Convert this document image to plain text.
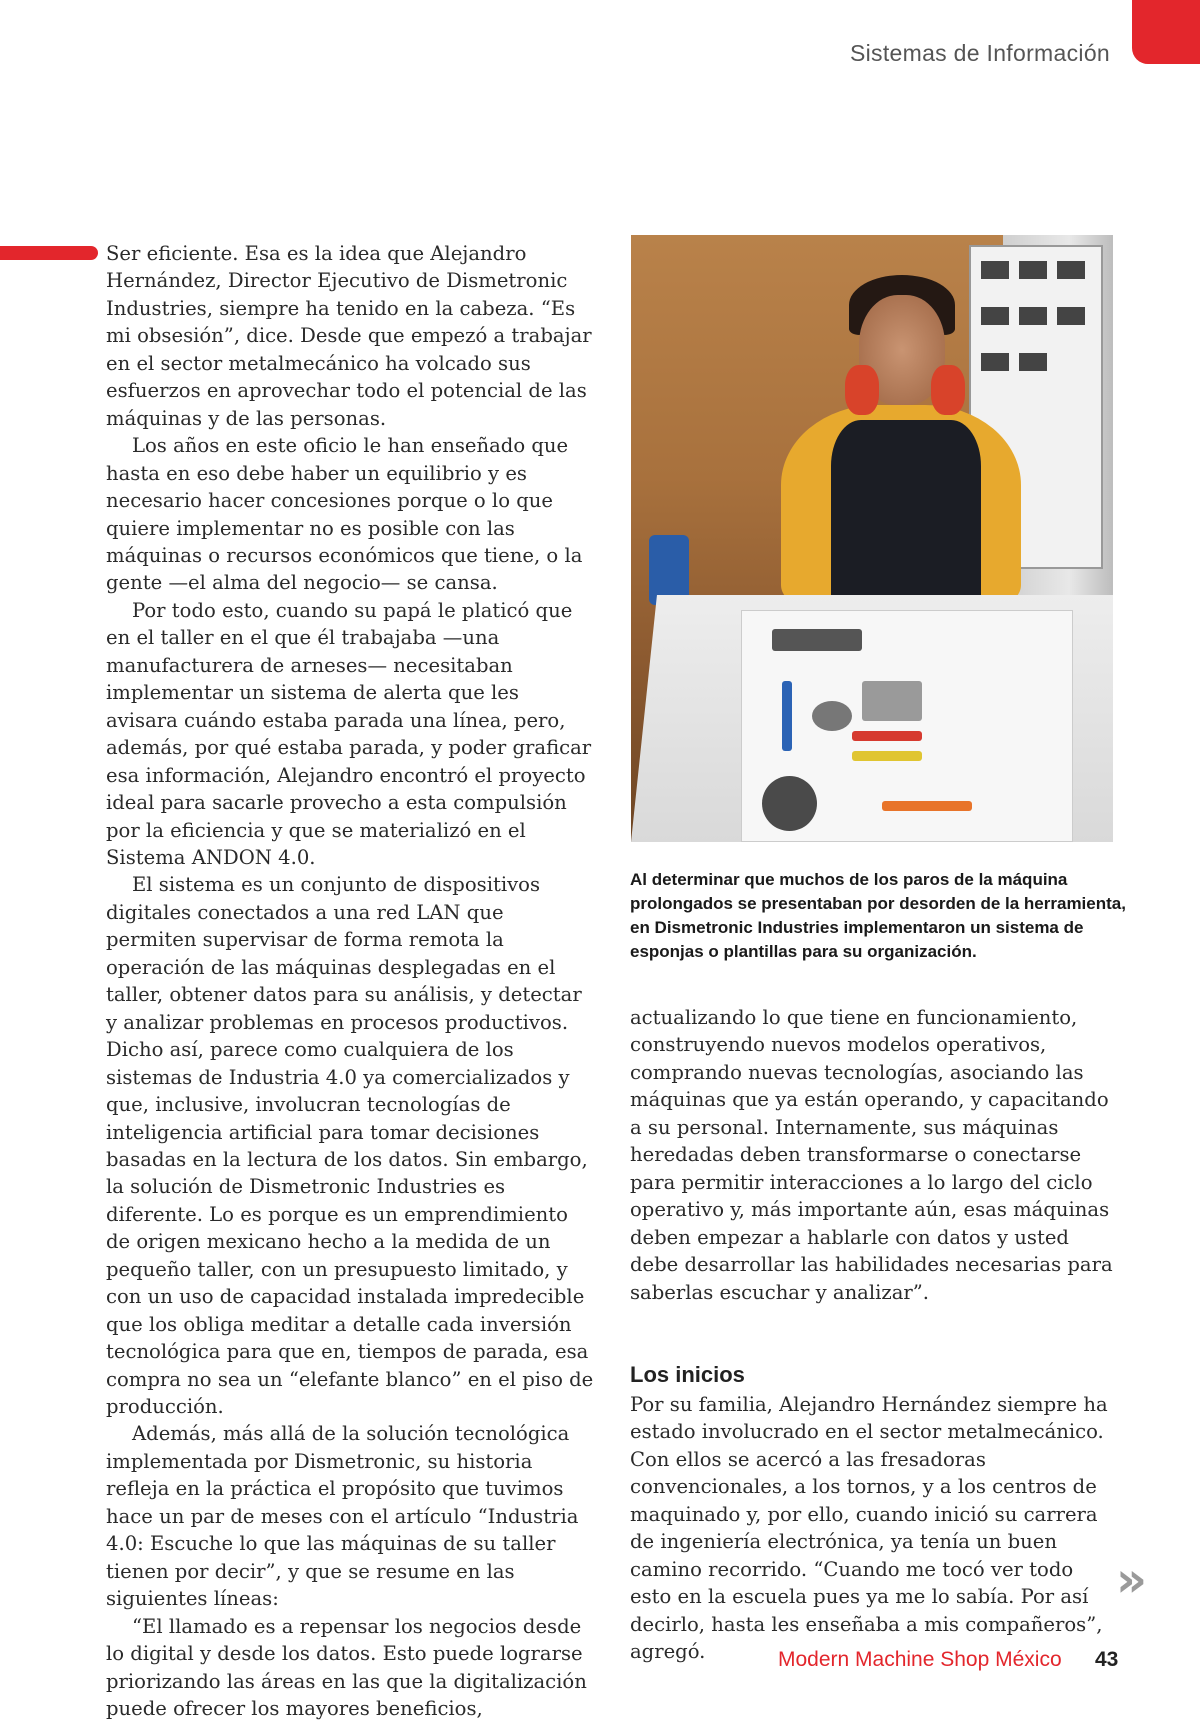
Sistemas de Información

Ser eficiente. Esa es la idea que Alejandro Hernández, Director Ejecutivo de Dismetronic Industries, siempre ha tenido en la cabeza. “Es mi obsesión”, dice. Desde que empezó a trabajar en el sector metalmecánico ha volcado sus esfuerzos en aprovechar todo el potencial de las máquinas y de las personas.

Los años en este oficio le han enseñado que hasta en eso debe haber un equilibrio y es necesario hacer concesiones porque o lo que quiere implementar no es posible con las máquinas o recursos económicos que tiene, o la gente —el alma del negocio— se cansa.

Por todo esto, cuando su papá le platicó que en el taller en el que él trabajaba —una manufacturera de arneses— necesitaban implementar un sistema de alerta que les avisara cuándo estaba parada una línea, pero, además, por qué estaba parada, y poder graficar esa información, Alejandro encontró el proyecto ideal para sacarle provecho a esta compulsión por la eficiencia y que se materializó en el Sistema ANDON 4.0.

El sistema es un conjunto de dispositivos digitales conectados a una red LAN que permiten supervisar de forma remota la operación de las máquinas desplegadas en el taller, obtener datos para su análisis, y detectar y analizar problemas en procesos productivos. Dicho así, parece como cualquiera de los sistemas de Industria 4.0 ya comercializados y que, inclusive, involucran tecnologías de inteligencia artificial para tomar decisiones basadas en la lectura de los datos. Sin embargo, la solución de Dismetronic Industries es diferente. Lo es porque es un emprendimiento de origen mexicano hecho a la medida de un pequeño taller, con un presupuesto limitado, y con un uso de capacidad instalada impredecible que los obliga meditar a detalle cada inversión tecnológica para que en, tiempos de parada, esa compra no sea un “elefante blanco” en el piso de producción.

Además, más allá de la solución tecnológica implementada por Dismetronic, su historia refleja en la práctica el propósito que tuvimos hace un par de meses con el artículo “Industria 4.0: Escuche lo que las máquinas de su taller tienen por decir”, y que se resume en las siguientes líneas:

“El llamado es a repensar los negocios desde lo digital y desde los datos. Esto puede lograrse priorizando las áreas en las que la digitalización puede ofrecer los mayores beneficios,

Al determinar que muchos de los paros de la máquina prolongados se presentaban por desorden de la herramienta, en Dismetronic Industries implementaron un sistema de esponjas o plantillas para su organización.

actualizando lo que tiene en funcionamiento, construyendo nuevos modelos operativos, comprando nuevas tecnologías, asociando las máquinas que ya están operando, y capacitando a su personal. Internamente, sus máquinas heredadas deben transformarse o conectarse para permitir interacciones a lo largo del ciclo operativo y, más importante aún, esas máquinas deben empezar a hablarle con datos y usted debe desarrollar las habilidades necesarias para saberlas escuchar y analizar”.

Los inicios

Por su familia, Alejandro Hernández siempre ha estado involucrado en el sector metalmecánico. Con ellos se acercó a las fresadoras convencionales, a los tornos, y a los centros de maquinado y, por ello, cuando inició su carrera de ingeniería electrónica, ya tenía un buen camino recorrido. “Cuando me tocó ver todo esto en la escuela pues ya me lo sabía. Por así decirlo, hasta les enseñaba a mis compañeros”, agregó.

»
Modern Machine Shop México 43
